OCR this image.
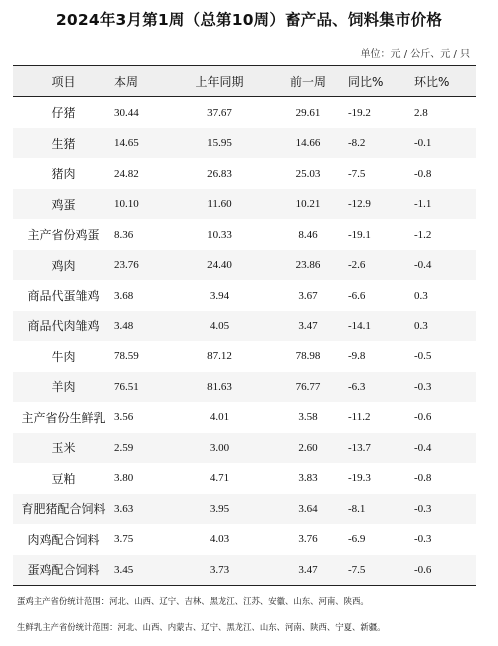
2024年3月第1周（总第10周）畜产品、饲料集市价格
单位：元 / 公斤、元 / 只
项目	本周	上年同期	前一周	同比%	环比%
仔猪	30.44	37.67	29.61	-19.2	2.8
生猪	14.65	15.95	14.66	-8.2	-0.1
猪肉	24.82	26.83	25.03	-7.5	-0.8
鸡蛋	10.10	11.60	10.21	-12.9	-1.1
主产省份鸡蛋	8.36	10.33	8.46	-19.1	-1.2
鸡肉	23.76	24.40	23.86	-2.6	-0.4
商品代蛋雏鸡	3.68	3.94	3.67	-6.6	0.3
商品代肉雏鸡	3.48	4.05	3.47	-14.1	0.3
牛肉	78.59	87.12	78.98	-9.8	-0.5
羊肉	76.51	81.63	76.77	-6.3	-0.3
主产省份生鲜乳	3.56	4.01	3.58	-11.2	-0.6
玉米	2.59	3.00	2.60	-13.7	-0.4
豆粕	3.80	4.71	3.83	-19.3	-0.8
育肥猪配合饲料	3.63	3.95	3.64	-8.1	-0.3
肉鸡配合饲料	3.75	4.03	3.76	-6.9	-0.3
蛋鸡配合饲料	3.45	3.73	3.47	-7.5	-0.6
蛋鸡主产省份统计范围：河北、山西、辽宁、吉林、黑龙江、江苏、安徽、山东、河南、陕西。
生鲜乳主产省份统计范围：河北、山西、内蒙古、辽宁、黑龙江、山东、河南、陕西、宁夏、新疆。
